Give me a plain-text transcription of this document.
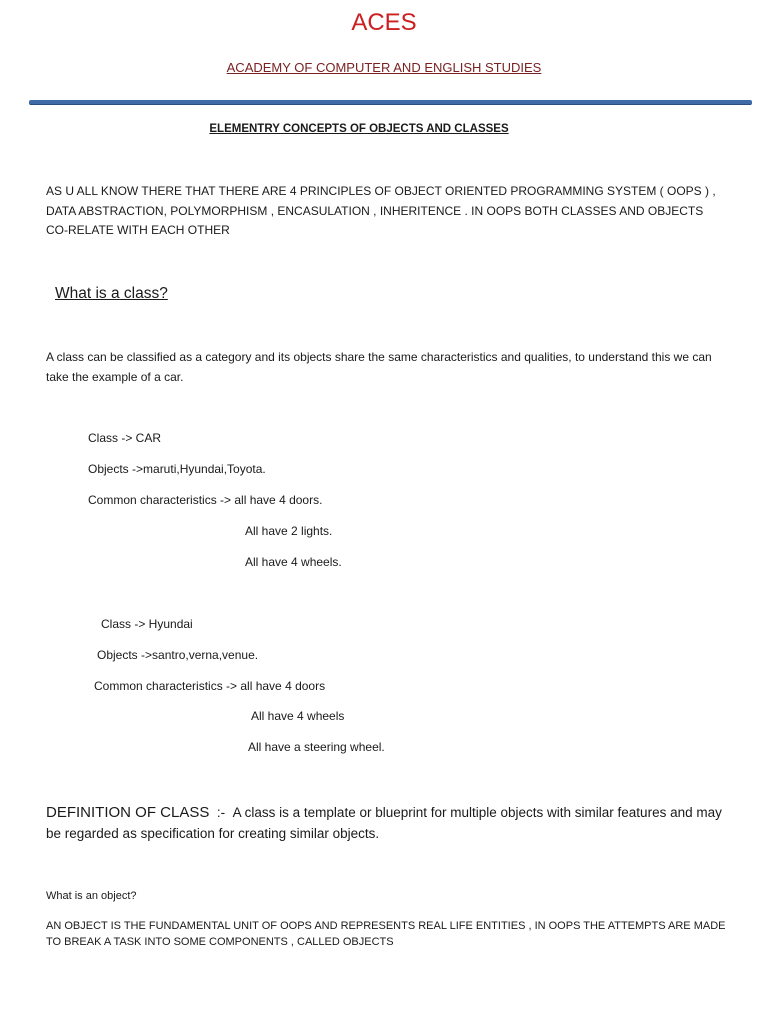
ACES
ACADEMY OF COMPUTER AND ENGLISH STUDIES
ELEMENTRY CONCEPTS OF OBJECTS AND CLASSES
AS U ALL KNOW THERE THAT THERE ARE 4 PRINCIPLES OF OBJECT ORIENTED PROGRAMMING SYSTEM ( OOPS ) , DATA ABSTRACTION, POLYMORPHISM , ENCASULATION , INHERITENCE . IN OOPS BOTH CLASSES AND OBJECTS CO-RELATE WITH EACH OTHER
What is a class?
A class can be classified as a category and its objects share the same characteristics and qualities, to understand this we can take the example of a car.
Class -> CAR
Objects ->maruti,Hyundai,Toyota.
Common characteristics -> all have 4 doors.
All have 2 lights.
All have 4 wheels.
Class -> Hyundai
Objects ->santro,verna,venue.
Common characteristics -> all have 4 doors
All have 4 wheels
All have a steering wheel.
DEFINITION OF CLASS :- A class is a template or blueprint for multiple objects with similar features and may be regarded as specification for creating similar objects.
What is an object?
AN OBJECT IS THE FUNDAMENTAL UNIT OF OOPS AND REPRESENTS REAL LIFE ENTITIES , IN OOPS THE ATTEMPTS ARE MADE TO BREAK A TASK INTO SOME COMPONENTS , CALLED OBJECTS
